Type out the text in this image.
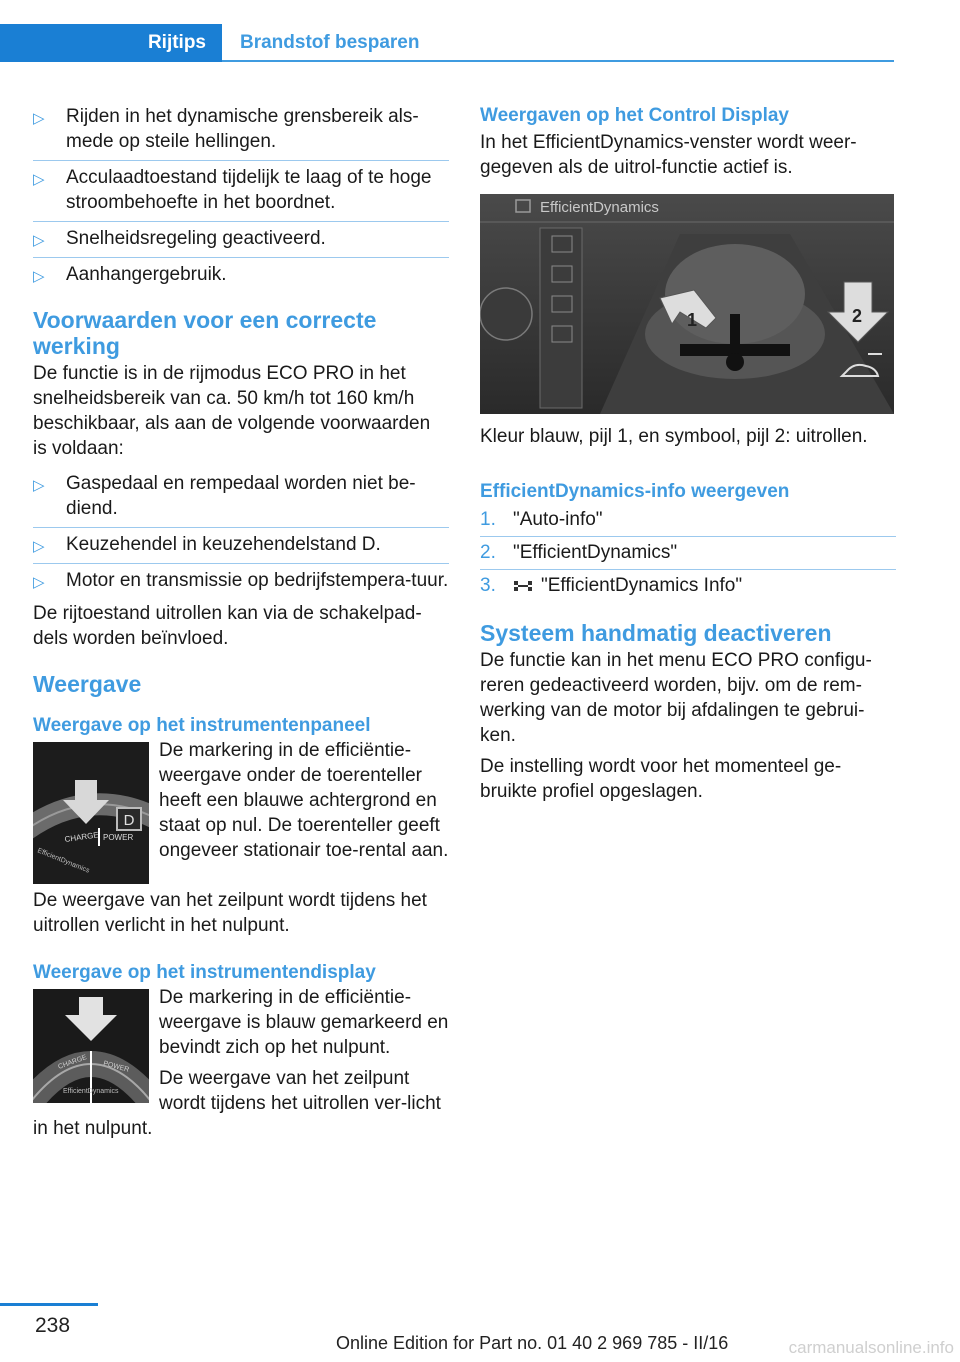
Rijtips	Brandstof besparen
▷ Rijden in het dynamische grensbereik als-mede op steile hellingen.
▷ Acculaadtoestand tijdelijk te laag of te hoge stroombehoefte in het boordnet.
▷ Snelheidsregeling geactiveerd.
▷ Aanhangergebruik.
Voorwaarden voor een correcte werking

De functie is in de rijmodus ECO PRO in het snelheidsbereik van ca. 50 km/h tot 160 km/h beschikbaar, als aan de volgende voorwaarden is voldaan:

▷ Gaspedaal en rempedaal worden niet be-diend.
▷ Keuzehendel in keuzehendelstand D.
▷ Motor en transmissie op bedrijfstempera-tuur.

De rijtoestand uitrollen kan via de schakelpad-dels worden beïnvloed.

Weergave
Weergave op het instrumentenpaneel
D
CHARGE POWER
EfficientDynamics

De markering in de efficiëntie-weergave onder de toerenteller heeft een blauwe achtergrond en staat op nul. De toerenteller geeft ongeveer stationair toe-rental aan.

De weergave van het zeilpunt wordt tijdens het uitrollen verlicht in het nulpunt.

Weergave op het instrumentendisplay
CHARGE POWER
EfficientDynamics

De markering in de efficiëntie-weergave is blauw gemarkeerd en bevindt zich op het nulpunt.

De weergave van het zeilpunt wordt tijdens het uitrollen ver-licht in het nulpunt.

Weergaven op het Control Display

In het EfficientDynamics-venster wordt weer-gegeven als de uitrol-functie actief is.

EfficientDynamics
1	2

Kleur blauw, pijl 1, en symbool, pijl 2: uitrollen.

EfficientDynamics-info weergeven
1. "Auto-info"
2. "EfficientDynamics"
3. "EfficientDynamics Info"
Systeem handmatig deactiveren

De functie kan in het menu ECO PRO configu-reren gedeactiveerd worden, bijv. om de rem-werking van de motor bij afdalingen te gebrui-ken.

De instelling wordt voor het momenteel ge-bruikte profiel opgeslagen.

238
Online Edition for Part no. 01 40 2 969 785 - II/16	carmanualsonline.info
